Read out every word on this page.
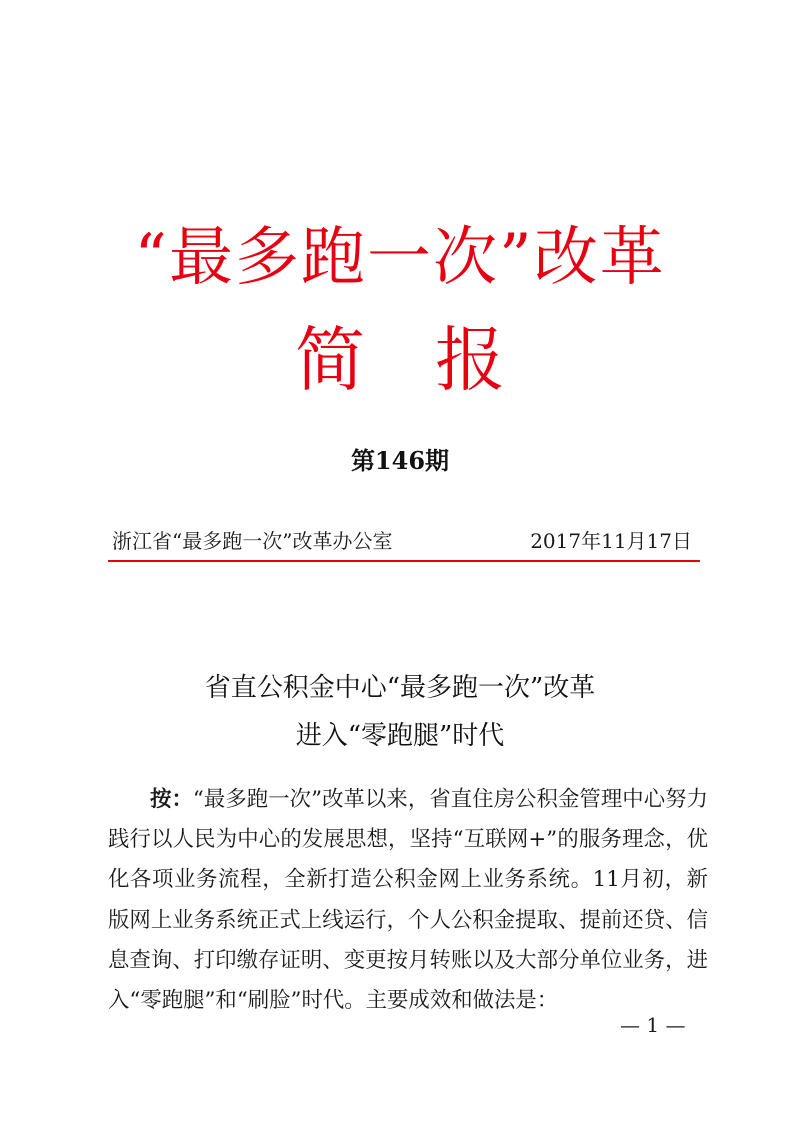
“最多跑一次”改革
简报
第146期
浙江省“最多跑一次”改革办公室	2017年11月17日
省直公积金中心“最多跑一次”改革
进入“零跑腿”时代

按：“最多跑一次”改革以来，省直住房公积金管理中心努力践行以人民为中心的发展思想，坚持“互联网+”的服务理念，优化各项业务流程，全新打造公积金网上业务系统。11月初，新版网上业务系统正式上线运行，个人公积金提取、提前还贷、信息查询、打印缴存证明、变更按月转账以及大部分单位业务，进入“零跑腿”和“刷脸”时代。主要成效和做法是：

— 1 —
